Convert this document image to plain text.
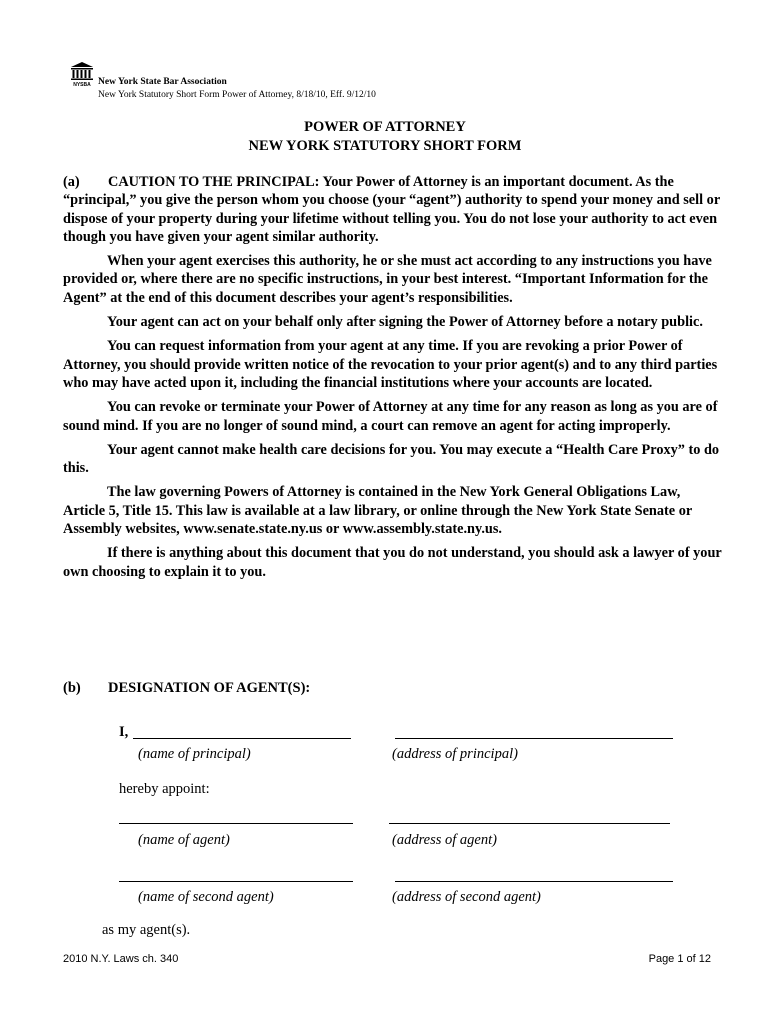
NYSBA New York State Bar Association
New York Statutory Short Form Power of Attorney, 8/18/10, Eff. 9/12/10
POWER OF ATTORNEY
NEW YORK STATUTORY SHORT FORM

(a) CAUTION TO THE PRINCIPAL: Your Power of Attorney is an important document. As the “principal,” you give the person whom you choose (your “agent”) authority to spend your money and sell or dispose of your property during your lifetime without telling you. You do not lose your authority to act even though you have given your agent similar authority.

When your agent exercises this authority, he or she must act according to any instructions you have provided or, where there are no specific instructions, in your best interest. “Important Information for the Agent” at the end of this document describes your agent’s responsibilities.

Your agent can act on your behalf only after signing the Power of Attorney before a notary public.

You can request information from your agent at any time. If you are revoking a prior Power of Attorney, you should provide written notice of the revocation to your prior agent(s) and to any third parties who may have acted upon it, including the financial institutions where your accounts are located.

You can revoke or terminate your Power of Attorney at any time for any reason as long as you are of sound mind. If you are no longer of sound mind, a court can remove an agent for acting improperly.

Your agent cannot make health care decisions for you. You may execute a “Health Care Proxy” to do this.

The law governing Powers of Attorney is contained in the New York General Obligations Law, Article 5, Title 15. This law is available at a law library, or online through the New York State Senate or Assembly websites, www.senate.state.ny.us or www.assembly.state.ny.us.

If there is anything about this document that you do not understand, you should ask a lawyer of your own choosing to explain it to you.

(b) DESIGNATION OF AGENT(S):
I,
(name of principal)	(address of principal)
hereby appoint:
(name of agent)	(address of agent)
(name of second agent)	(address of second agent)
as my agent(s).
2010 N.Y. Laws ch. 340	Page 1 of 12
